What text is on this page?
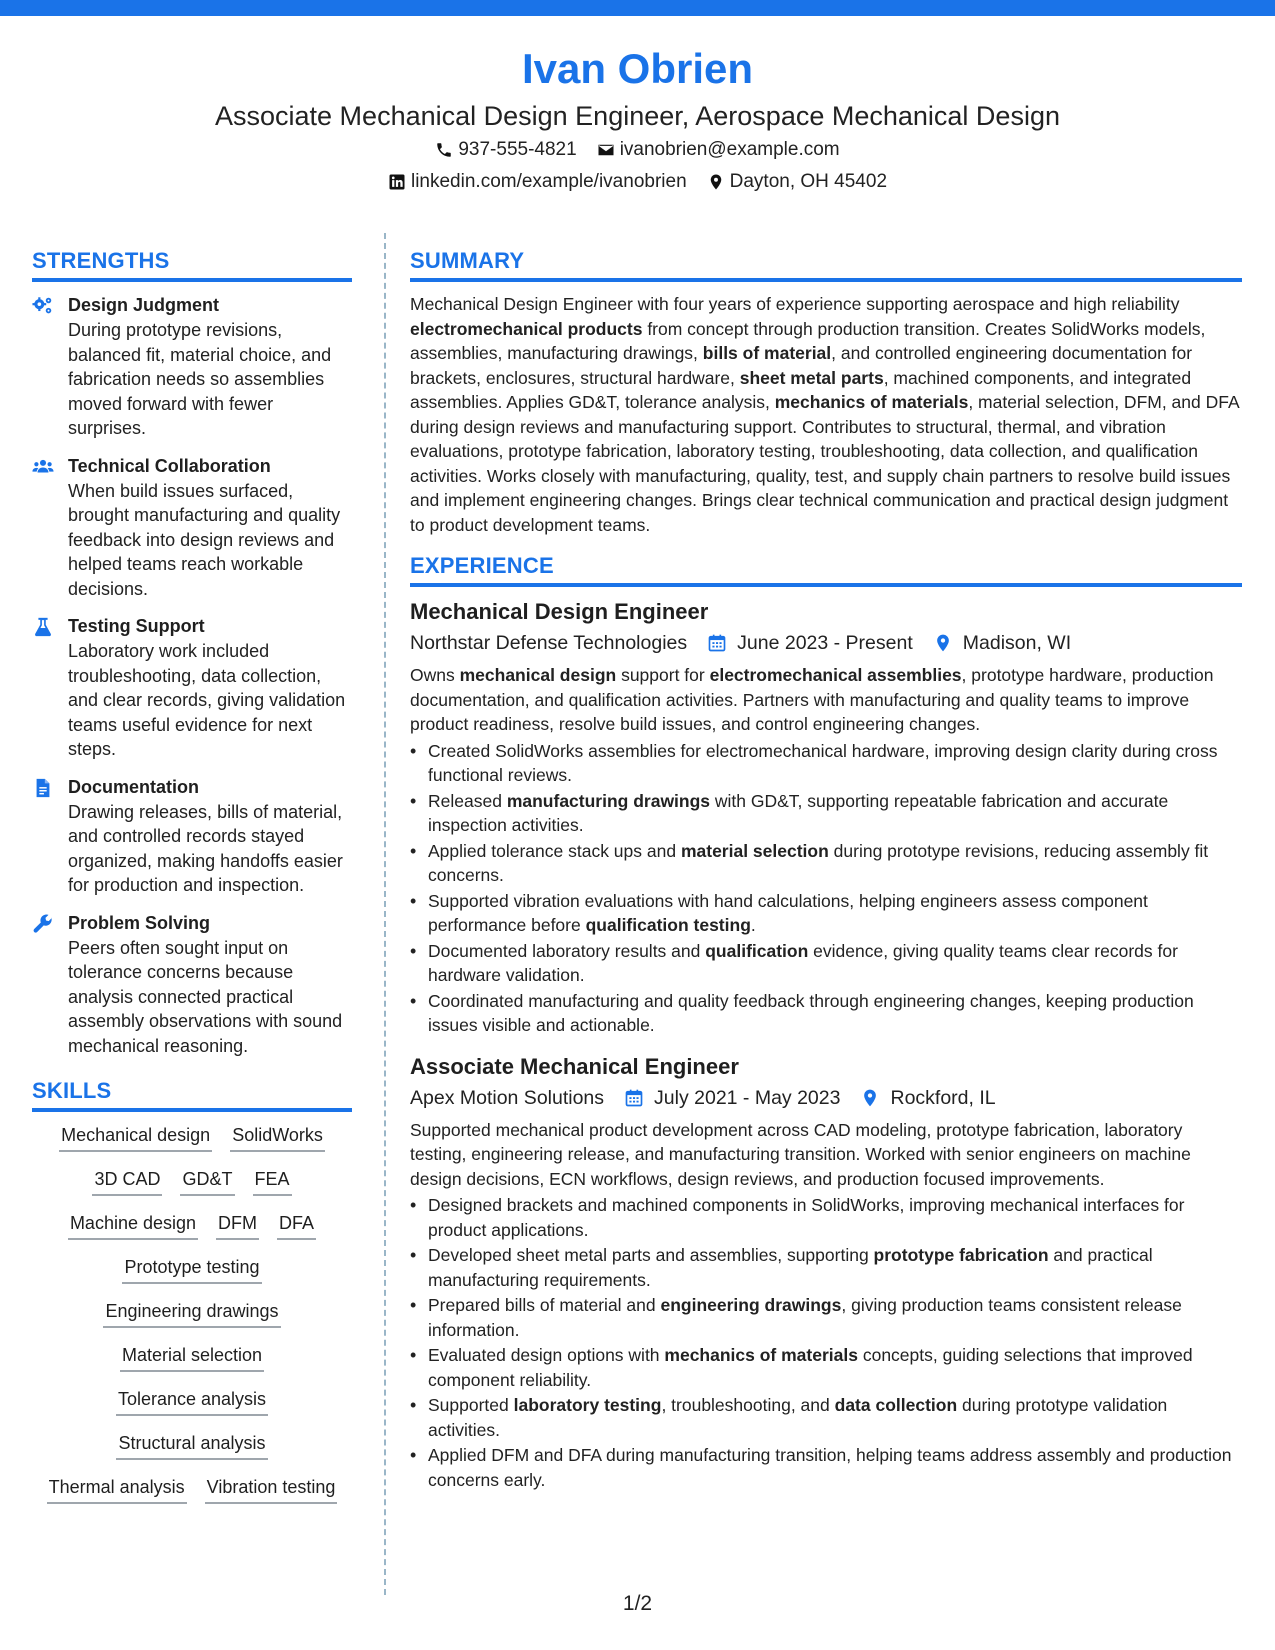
Ivan Obrien
Associate Mechanical Design Engineer, Aerospace Mechanical Design
937-555-4821 ivanobrien@example.com
linkedin.com/example/ivanobrien Dayton, OH 45402
STRENGTHS
Design Judgment
During prototype revisions, balanced fit, material choice, and fabrication needs so assemblies moved forward with fewer surprises.
Technical Collaboration
When build issues surfaced, brought manufacturing and quality feedback into design reviews and helped teams reach workable decisions.
Testing Support
Laboratory work included troubleshooting, data collection, and clear records, giving validation teams useful evidence for next steps.
Documentation
Drawing releases, bills of material, and controlled records stayed organized, making handoffs easier for production and inspection.
Problem Solving
Peers often sought input on tolerance concerns because analysis connected practical assembly observations with sound mechanical reasoning.
SKILLS
Mechanical design SolidWorks
3D CAD GD&T FEA
Machine design DFM DFA
Prototype testing
Engineering drawings
Material selection
Tolerance analysis
Structural analysis
Thermal analysis Vibration testing
SUMMARY
Mechanical Design Engineer with four years of experience supporting aerospace and high reliability electromechanical products from concept through production transition. Creates SolidWorks models, assemblies, manufacturing drawings, bills of material, and controlled engineering documentation for brackets, enclosures, structural hardware, sheet metal parts, machined components, and integrated assemblies. Applies GD&T, tolerance analysis, mechanics of materials, material selection, DFM, and DFA during design reviews and manufacturing support. Contributes to structural, thermal, and vibration evaluations, prototype fabrication, laboratory testing, troubleshooting, data collection, and qualification activities. Works closely with manufacturing, quality, test, and supply chain partners to resolve build issues and implement engineering changes. Brings clear technical communication and practical design judgment to product development teams.
EXPERIENCE
Mechanical Design Engineer
Northstar Defense Technologies	June 2023 - Present	Madison, WI
Owns mechanical design support for electromechanical assemblies, prototype hardware, production documentation, and qualification activities. Partners with manufacturing and quality teams to improve product readiness, resolve build issues, and control engineering changes.
• Created SolidWorks assemblies for electromechanical hardware, improving design clarity during cross functional reviews.
• Released manufacturing drawings with GD&T, supporting repeatable fabrication and accurate inspection activities.
• Applied tolerance stack ups and material selection during prototype revisions, reducing assembly fit concerns.
• Supported vibration evaluations with hand calculations, helping engineers assess component performance before qualification testing.
• Documented laboratory results and qualification evidence, giving quality teams clear records for hardware validation.
• Coordinated manufacturing and quality feedback through engineering changes, keeping production issues visible and actionable.
Associate Mechanical Engineer
Apex Motion Solutions	July 2021 - May 2023	Rockford, IL
Supported mechanical product development across CAD modeling, prototype fabrication, laboratory testing, engineering release, and manufacturing transition. Worked with senior engineers on machine design decisions, ECN workflows, design reviews, and production focused improvements.
• Designed brackets and machined components in SolidWorks, improving mechanical interfaces for product applications.
• Developed sheet metal parts and assemblies, supporting prototype fabrication and practical manufacturing requirements.
• Prepared bills of material and engineering drawings, giving production teams consistent release information.
• Evaluated design options with mechanics of materials concepts, guiding selections that improved component reliability.
• Supported laboratory testing, troubleshooting, and data collection during prototype validation activities.
• Applied DFM and DFA during manufacturing transition, helping teams address assembly and production concerns early.
1/2
